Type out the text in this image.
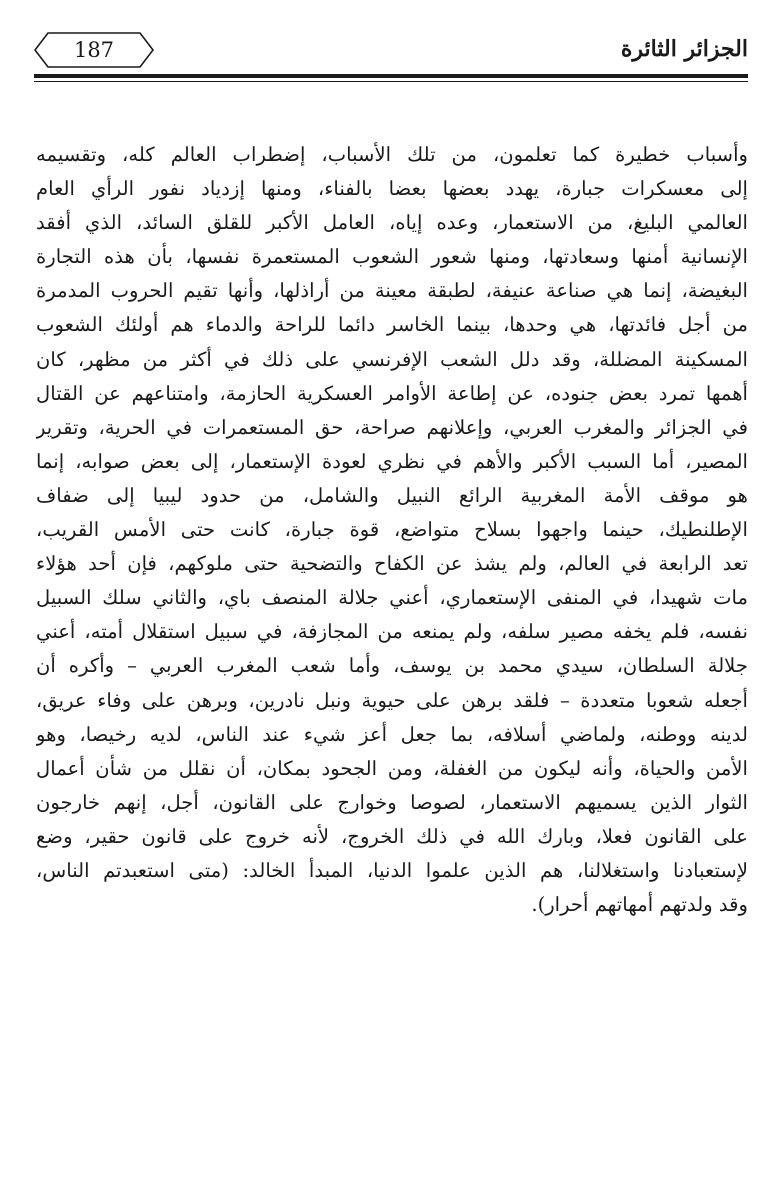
187	الجزائر الثائرة
وأسباب خطيرة كما تعلمون، من تلك الأسباب، إضطراب العالم كله، وتقسيمه
إلى معسكرات جبارة، يهدد بعضها بعضا بالفناء، ومنها إزدياد نفور الرأي العام
العالمي البليغ، من الاستعمار، وعده إياه، العامل الأكبر للقلق السائد، الذي أفقد
الإنسانية أمنها وسعادتها، ومنها شعور الشعوب المستعمرة نفسها، بأن هذه التجارة
البغيضة، إنما هي صناعة عنيفة، لطبقة معينة من أراذلها، وأنها تقيم الحروب المدمرة
من أجل فائدتها، هي وحدها، بينما الخاسر دائما للراحة والدماء هم أولئك الشعوب
المسكينة المضللة، وقد دلل الشعب الإفرنسي على ذلك في أكثر من مظهر، كان
أهمها تمرد بعض جنوده، عن إطاعة الأوامر العسكرية الحازمة، وامتناعهم عن القتال
في الجزائر والمغرب العربي، وإعلانهم صراحة، حق المستعمرات في الحرية، وتقرير
المصير، أما السبب الأكبر والأهم في نظري لعودة الإستعمار، إلى بعض صوابه، إنما
هو موقف الأمة المغربية الرائع النبيل والشامل، من حدود ليبيا إلى ضفاف
الإطلنطيك، حينما واجهوا بسلاح متواضع، قوة جبارة، كانت حتى الأمس القريب،
تعد الرابعة في العالم، ولم يشذ عن الكفاح والتضحية حتى ملوكهم، فإن أحد هؤلاء
مات شهيدا، في المنفى الإستعماري، أعني جلالة المنصف باي، والثاني سلك السبيل
نفسه، فلم يخفه مصير سلفه، ولم يمنعه من المجازفة، في سبيل استقلال أمته، أعني
جلالة السلطان، سيدي محمد بن يوسف، وأما شعب المغرب العربي – وأكره أن
أجعله شعوبا متعددة – فلقد برهن على حيوية ونبل نادرين، وبرهن على وفاء عريق،
لدينه ووطنه، ولماضي أسلافه، بما جعل أعز شيء عند الناس، لديه رخيصا، وهو
الأمن والحياة، وأنه ليكون من الغفلة، ومن الجحود بمكان، أن نقلل من شأن أعمال
الثوار الذين يسميهم الاستعمار، لصوصا وخوارج على القانون، أجل، إنهم خارجون
على القانون فعلا، وبارك الله في ذلك الخروج، لأنه خروج على قانون حقير، وضع
لإستعبادنا واستغلالنا، هم الذين علموا الدنيا، المبدأ الخالد: (متى استعبدتم الناس،
وقد ولدتهم أمهاتهم أحرار).
